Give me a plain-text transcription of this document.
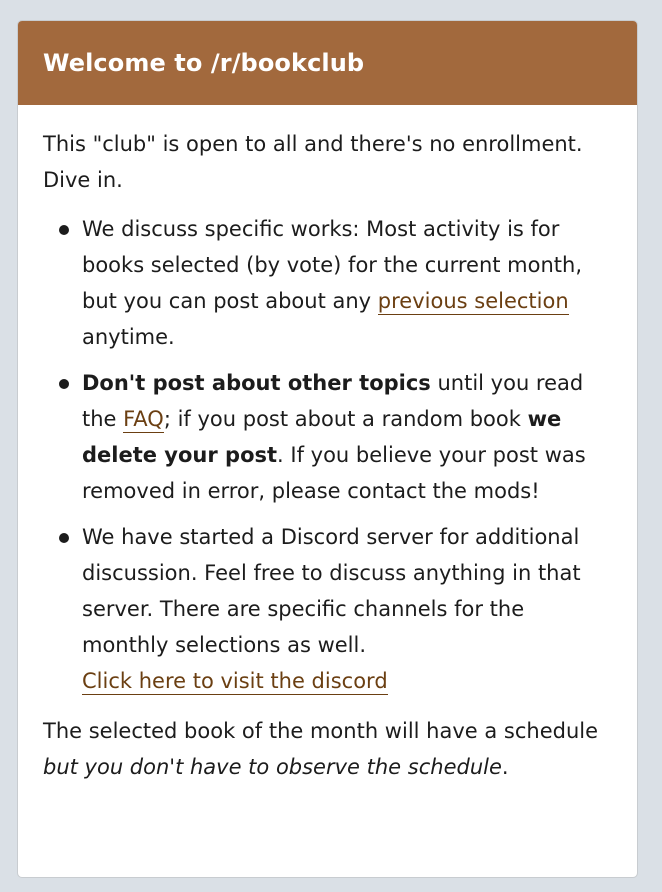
Welcome to /r/bookclub

This "club" is open to all and there's no enrollment. Dive in.

We discuss specific works: Most activity is for books selected (by vote) for the current month, but you can post about any previous selection anytime.
Don't post about other topics until you read the FAQ; if you post about a random book we delete your post. If you believe your post was removed in error, please contact the mods!
We have started a Discord server for additional discussion. Feel free to discuss anything in that server. There are specific channels for the monthly selections as well.
Click here to visit the discord

The selected book of the month will have a schedule but you don't have to observe the schedule.
